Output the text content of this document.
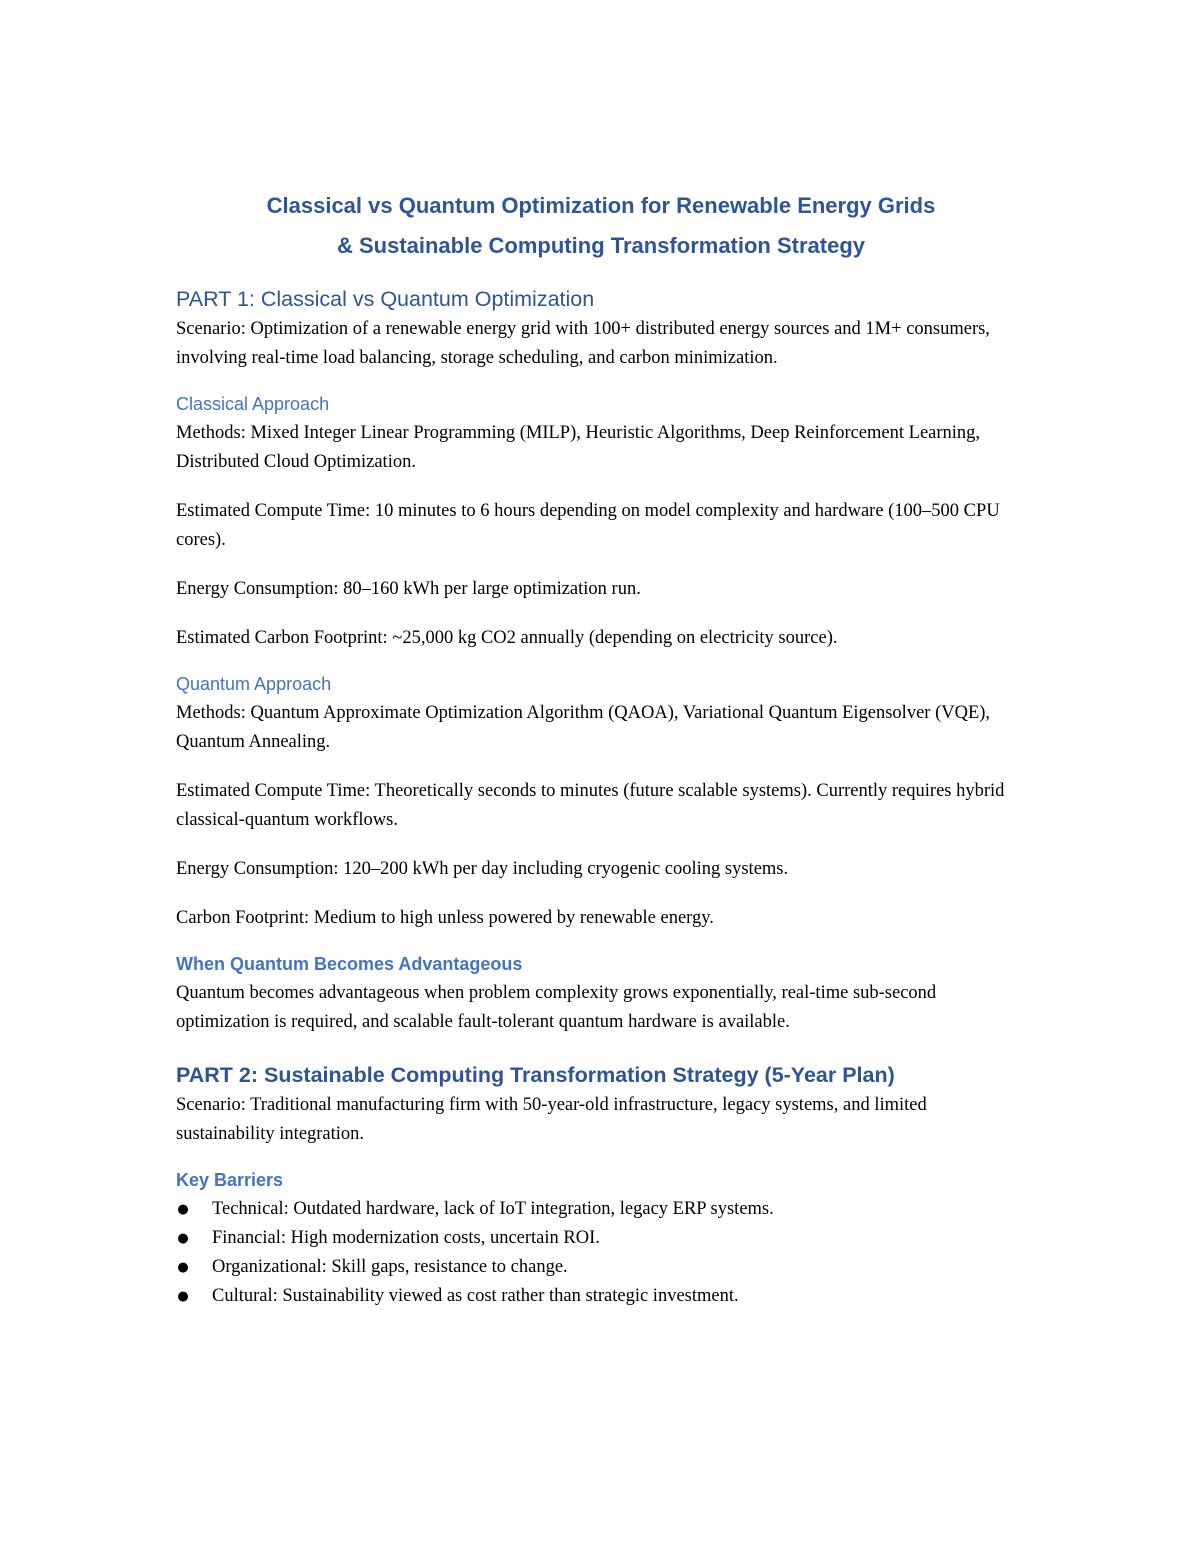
Classical vs Quantum Optimization for Renewable Energy Grids
& Sustainable Computing Transformation Strategy
PART 1: Classical vs Quantum Optimization

Scenario: Optimization of a renewable energy grid with 100+ distributed energy sources and 1M+ consumers, involving real-time load balancing, storage scheduling, and carbon minimization.

Classical Approach

Methods: Mixed Integer Linear Programming (MILP), Heuristic Algorithms, Deep Reinforcement Learning, Distributed Cloud Optimization.

Estimated Compute Time: 10 minutes to 6 hours depending on model complexity and hardware (100–500 CPU cores).

Energy Consumption: 80–160 kWh per large optimization run.

Estimated Carbon Footprint: ~25,000 kg CO2 annually (depending on electricity source).

Quantum Approach

Methods: Quantum Approximate Optimization Algorithm (QAOA), Variational Quantum Eigensolver (VQE), Quantum Annealing.

Estimated Compute Time: Theoretically seconds to minutes (future scalable systems). Currently requires hybrid classical-quantum workflows.

Energy Consumption: 120–200 kWh per day including cryogenic cooling systems.

Carbon Footprint: Medium to high unless powered by renewable energy.

When Quantum Becomes Advantageous

Quantum becomes advantageous when problem complexity grows exponentially, real-time sub-second optimization is required, and scalable fault-tolerant quantum hardware is available.

PART 2: Sustainable Computing Transformation Strategy (5-Year Plan)

Scenario: Traditional manufacturing firm with 50-year-old infrastructure, legacy systems, and limited sustainability integration.

Key Barriers
● Technical: Outdated hardware, lack of IoT integration, legacy ERP systems.
● Financial: High modernization costs, uncertain ROI.
● Organizational: Skill gaps, resistance to change.
● Cultural: Sustainability viewed as cost rather than strategic investment.
